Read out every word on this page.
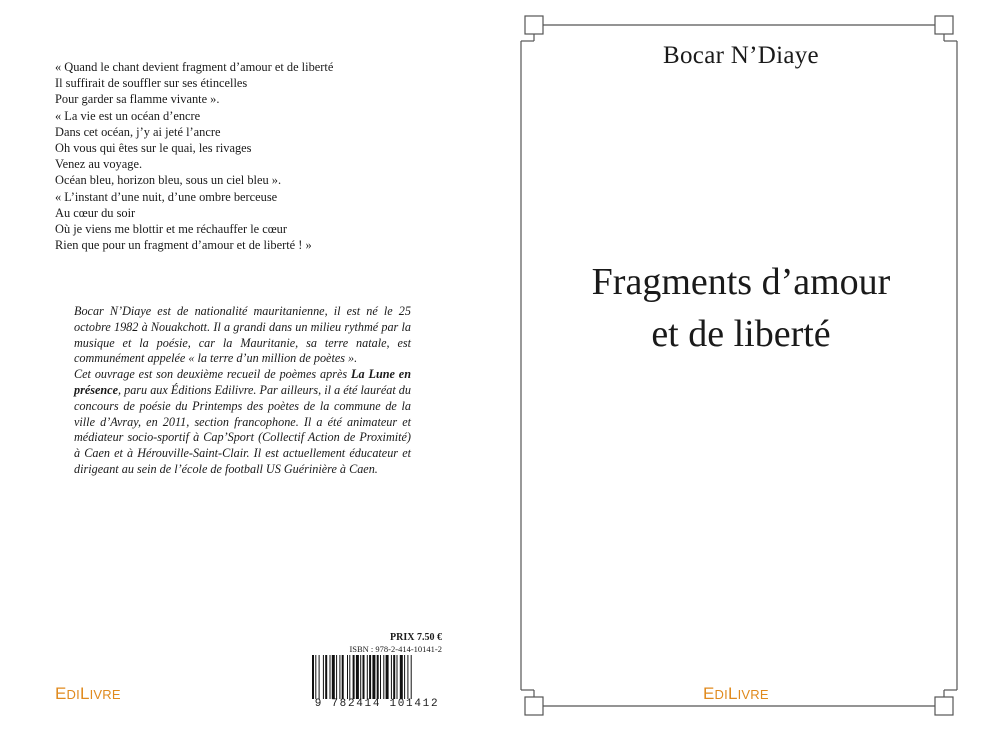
« Quand le chant devient fragment d’amour et de liberté
Il suffirait de souffler sur ses étincelles
Pour garder sa flamme vivante ».
« La vie est un océan d’encre
Dans cet océan, j’y ai jeté l’ancre
Oh vous qui êtes sur le quai, les rivages
Venez au voyage.
Océan bleu, horizon bleu, sous un ciel bleu ».
« L’instant d’une nuit, d’une ombre berceuse
Au cœur du soir
Où je viens me blottir et me réchauffer le cœur
Rien que pour un fragment d’amour et de liberté ! »

Bocar N’Diaye est de nationalité mauritanienne, il est né le 25 octobre 1982 à Nouakchott. Il a grandi dans un milieu rythmé par la musique et la poésie, car la Mauritanie, sa terre natale, est communément appelée « la terre d’un million de poètes ».

Cet ouvrage est son deuxième recueil de poèmes après La Lune en présence, paru aux Éditions Edilivre. Par ailleurs, il a été lauréat du concours de poésie du Printemps des poètes de la commune de la ville d’Avray, en 2011, section francophone. Il a été animateur et médiateur socio-sportif à Cap’Sport (Collectif Action de Proximité) à Caen et à Hérouville-Saint-Clair. Il est actuellement éducateur et dirigeant au sein de l’école de football US Guérinière à Caen.

PRIX 7.50 €
ISBN : 978-2-414-10141-2
9 782414 101412
EDILIVRE
Bocar N’Diaye
Fragments d’amour
et de liberté
EDILIVRE
